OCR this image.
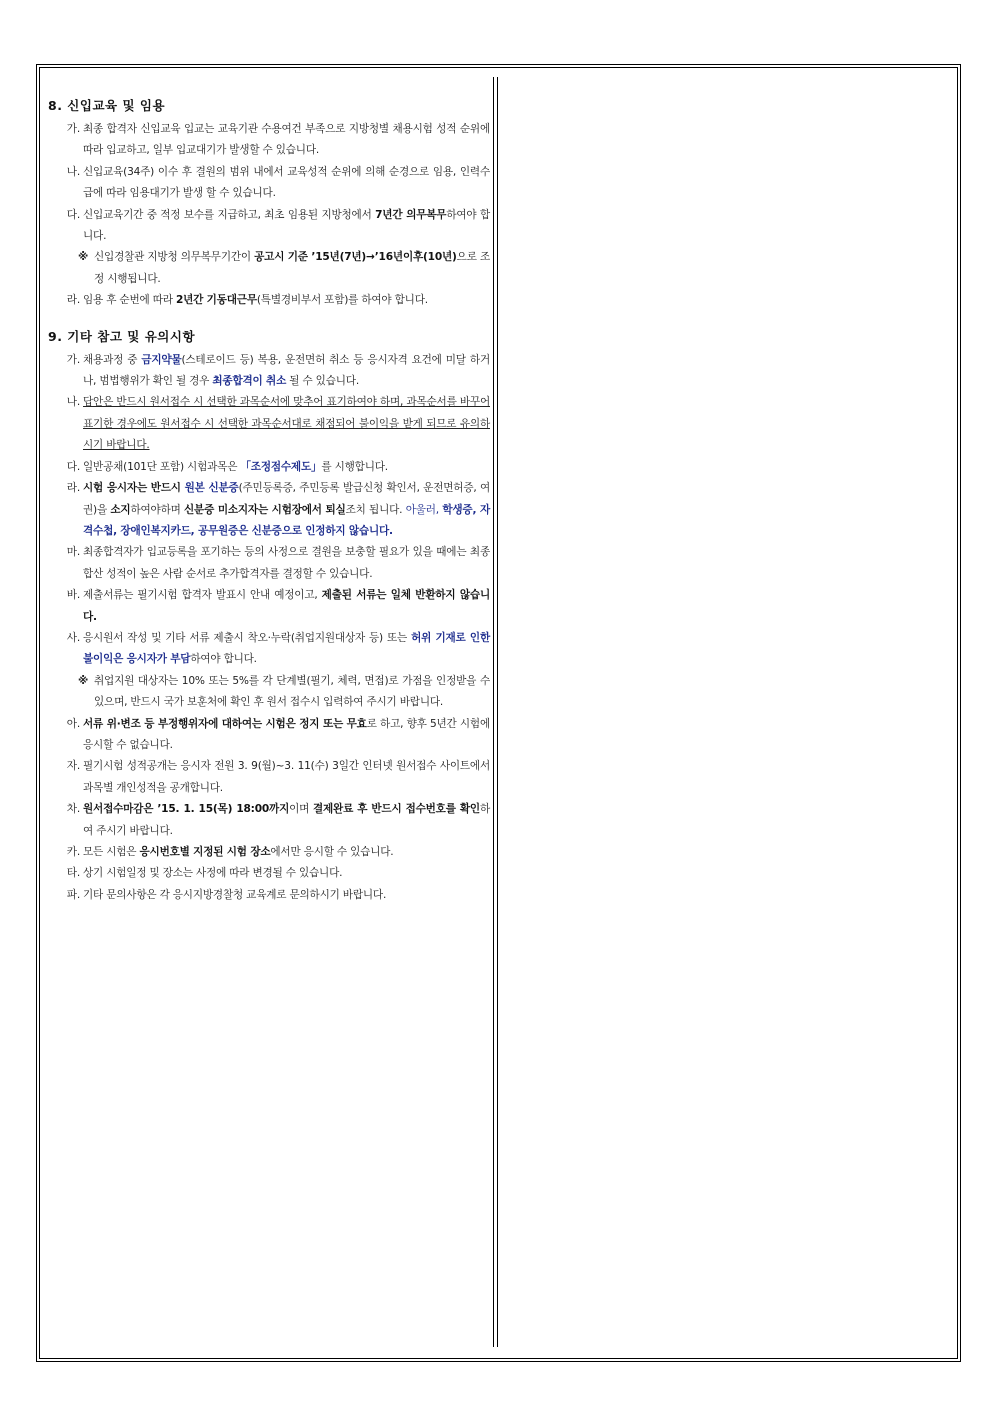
8. 신입교육 및 임용
가. 최종 합격자 신입교육 입교는 교육기관 수용여건 부족으로 지방청별 채용시험 성적 순위에 따라 입교하고, 일부 입교대기가 발생할 수 있습니다.
나. 신입교육(34주) 이수 후 결원의 범위 내에서 교육성적 순위에 의해 순경으로 임용, 인력수급에 따라 임용대기가 발생 할 수 있습니다.
다. 신입교육기간 중 적정 보수를 지급하고, 최초 임용된 지방청에서 7년간 의무복무하여야 합니다.
※ 신입경찰관 지방청 의무복무기간이 공고시 기준 ’15년(7년)→’16년이후(10년)으로 조정 시행됩니다.
라. 임용 후 순번에 따라 2년간 기동대근무(특별경비부서 포함)를 하여야 합니다.
9. 기타 참고 및 유의시항
가. 채용과정 중 금지약물(스테로이드 등) 복용, 운전면허 취소 등 응시자격 요건에 미달 하거나, 범법행위가 확인 될 경우 최종합격이 취소 될 수 있습니다.
나. 답안은 반드시 원서접수 시 선택한 과목순서에 맞추어 표기하여야 하며, 과목순서를 바꾸어 표기한 경우에도 원서접수 시 선택한 과목순서대로 채점되어 불이익을 받게 되므로 유의하시기 바랍니다.
다. 일반공채(101단 포함) 시험과목은 「조정점수제도」를 시행합니다.
라. 시험 응시자는 반드시 원본 신분증(주민등록증, 주민등록 발급신청 확인서, 운전면허증, 여권)을 소지하여야하며 신분증 미소지자는 시험장에서 퇴실조치 됩니다. 아울러, 학생증, 자격수첩, 장애인복지카드, 공무원증은 신분증으로 인정하지 않습니다.
마. 최종합격자가 입교등록을 포기하는 등의 사정으로 결원을 보충할 필요가 있을 때에는 최종합산 성적이 높은 사람 순서로 추가합격자를 결정할 수 있습니다.
바. 제출서류는 필기시험 합격자 발표시 안내 예정이고, 제출된 서류는 일체 반환하지 않습니다.
사. 응시원서 작성 및 기타 서류 제출시 착오·누락(취업지원대상자 등) 또는 허위 기재로 인한 불이익은 응시자가 부담하여야 합니다.
※ 취업지원 대상자는 10% 또는 5%를 각 단계별(필기, 체력, 면접)로 가점을 인정받을 수 있으며, 반드시 국가 보훈처에 확인 후 원서 접수시 입력하여 주시기 바랍니다.
아. 서류 위·변조 등 부정행위자에 대하여는 시험은 정지 또는 무효로 하고, 향후 5년간 시험에 응시할 수 없습니다.
자. 필기시험 성적공개는 응시자 전원 3. 9(월)~3. 11(수) 3일간 인터넷 원서접수 사이트에서 과목별 개인성적을 공개합니다.
차. 원서접수마감은 ’15. 1. 15(목) 18:00까지이며 결제완료 후 반드시 접수번호를 확인하여 주시기 바랍니다.
카. 모든 시험은 응시번호별 지정된 시험 장소에서만 응시할 수 있습니다.
타. 상기 시험일정 및 장소는 사정에 따라 변경될 수 있습니다.
파. 기타 문의사항은 각 응시지방경찰청 교육계로 문의하시기 바랍니다.
